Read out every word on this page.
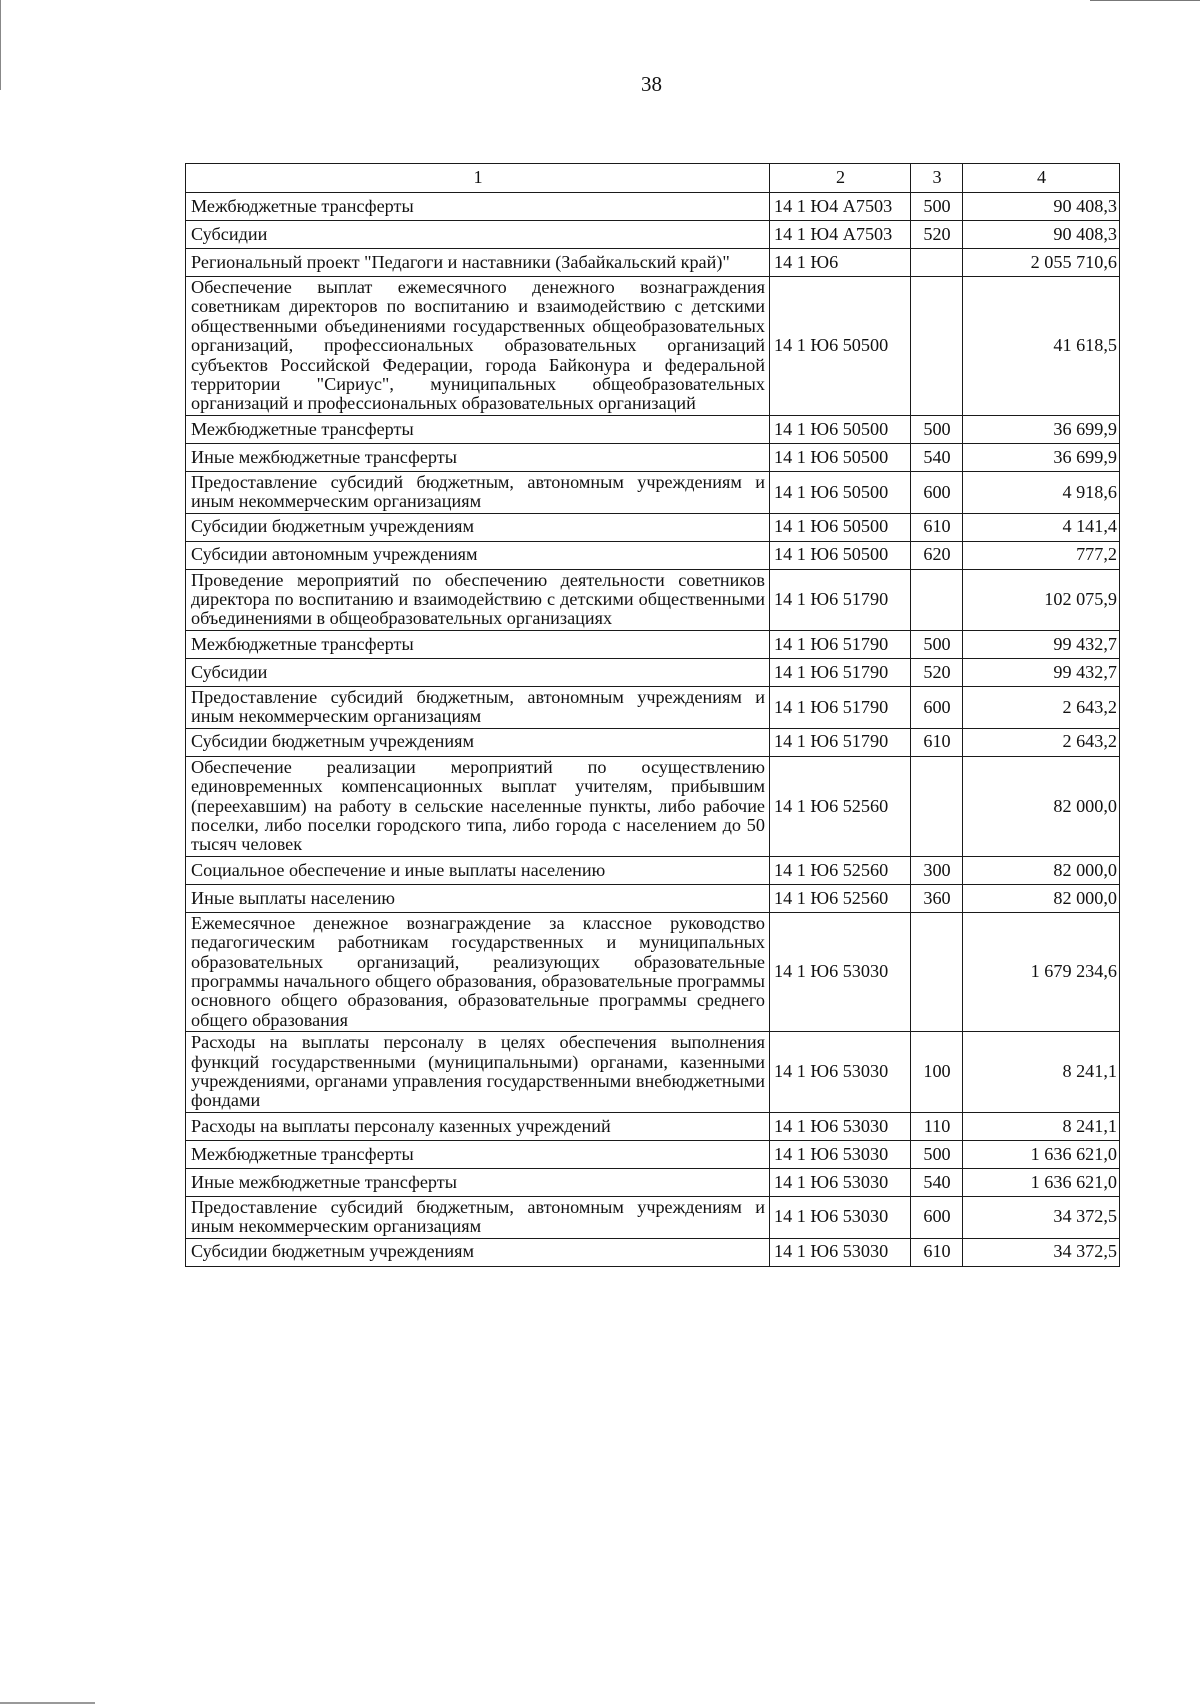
38
1	2	3	4
Межбюджетные трансферты	14 1 Ю4 А7503	500	90 408,3
Субсидии	14 1 Ю4 А7503	520	90 408,3
Региональный проект "Педагоги и наставники (Забайкальский край)"	14 1 Ю6		2 055 710,6
Обеспечение выплат ежемесячного денежного вознаграждения советникам директоров по воспитанию и взаимодействию с детскими общественными объединениями государственных общеобразовательных организаций, профессиональных образовательных организаций субъектов Российской Федерации, города Байконура и федеральной территории "Сириус", муниципальных общеобразовательных организаций и профессиональных образовательных организаций	14 1 Ю6 50500		41 618,5
Межбюджетные трансферты	14 1 Ю6 50500	500	36 699,9
Иные межбюджетные трансферты	14 1 Ю6 50500	540	36 699,9
Предоставление субсидий бюджетным, автономным учреждениям и иным некоммерческим организациям	14 1 Ю6 50500	600	4 918,6
Субсидии бюджетным учреждениям	14 1 Ю6 50500	610	4 141,4
Субсидии автономным учреждениям	14 1 Ю6 50500	620	777,2
Проведение мероприятий по обеспечению деятельности советников директора по воспитанию и взаимодействию с детскими общественными объединениями в общеобразовательных организациях	14 1 Ю6 51790		102 075,9
Межбюджетные трансферты	14 1 Ю6 51790	500	99 432,7
Субсидии	14 1 Ю6 51790	520	99 432,7
Предоставление субсидий бюджетным, автономным учреждениям и иным некоммерческим организациям	14 1 Ю6 51790	600	2 643,2
Субсидии бюджетным учреждениям	14 1 Ю6 51790	610	2 643,2
Обеспечение реализации мероприятий по осуществлению единовременных компенсационных выплат учителям, прибывшим (переехавшим) на работу в сельские населенные пункты, либо рабочие поселки, либо поселки городского типа, либо города с населением до 50 тысяч человек	14 1 Ю6 52560		82 000,0
Социальное обеспечение и иные выплаты населению	14 1 Ю6 52560	300	82 000,0
Иные выплаты населению	14 1 Ю6 52560	360	82 000,0
Ежемесячное денежное вознаграждение за классное руководство педагогическим работникам государственных и муниципальных образовательных организаций, реализующих образовательные программы начального общего образования, образовательные программы основного общего образования, образовательные программы среднего общего образования	14 1 Ю6 53030		1 679 234,6
Расходы на выплаты персоналу в целях обеспечения выполнения функций государственными (муниципальными) органами, казенными учреждениями, органами управления государственными внебюджетными фондами	14 1 Ю6 53030	100	8 241,1
Расходы на выплаты персоналу казенных учреждений	14 1 Ю6 53030	110	8 241,1
Межбюджетные трансферты	14 1 Ю6 53030	500	1 636 621,0
Иные межбюджетные трансферты	14 1 Ю6 53030	540	1 636 621,0
Предоставление субсидий бюджетным, автономным учреждениям и иным некоммерческим организациям	14 1 Ю6 53030	600	34 372,5
Субсидии бюджетным учреждениям	14 1 Ю6 53030	610	34 372,5
